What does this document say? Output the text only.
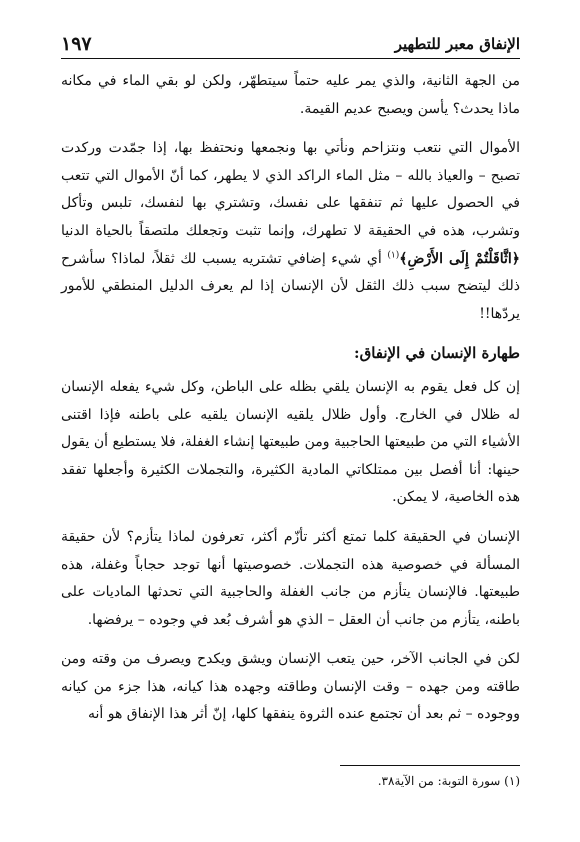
الإنفاق معبر للتطهير
١٩٧

من الجهة الثانية، والذي يمر عليه حتماً سيتطهّر، ولكن لو بقي الماء في مكانه ماذا يحدث؟ يأسن ويصبح عديم القيمة.

الأموال التي نتعب ونتزاحم ونأتي بها ونجمعها ونحتفظ بها، إذا جمّدت وركدت تصبح – والعياذ بالله – مثل الماء الراكد الذي لا يطهر، كما أنّ الأموال التي تتعب في الحصول عليها ثم تنفقها على نفسك، وتشتري بها لنفسك، تلبس وتأكل وتشرب، هذه في الحقيقة لا تطهرك، وإنما تثبت وتجعلك ملتصقاً بالحياة الدنيا ﴿اثَّاقَلْتُمْ إِلَى الأَرْضِ﴾$^{(١)}$ أي شيء إضافي تشتريه يسبب لك ثقلاً، لماذا؟ سأشرح ذلك ليتضح سبب ذلك الثقل لأن الإنسان إذا لم يعرف الدليل المنطقي للأمور يردّها!!

طهارة الإنسان في الإنفاق:

إن كل فعل يقوم به الإنسان يلقي بظله على الباطن، وكل شيء يفعله الإنسان له ظلال في الخارج. وأول ظلال يلقيه الإنسان يلقيه على باطنه فإذا اقتنى الأشياء التي من طبيعتها الحاجبية ومن طبيعتها إنشاء الغفلة، فلا يستطيع أن يقول حينها: أنا أفصل بين ممتلكاتي المادية الكثيرة، والتجملات الكثيرة وأجعلها تفقد هذه الخاصية، لا يمكن.

الإنسان في الحقيقة كلما تمتع أكثر تأزّم أكثر، تعرفون لماذا يتأزم؟ لأن حقيقة المسألة في خصوصية هذه التجملات. خصوصيتها أنها توجد حجاباً وغفلة، هذه طبيعتها. فالإنسان يتأزم من جانب الغفلة والحاجبية التي تحدثها الماديات على باطنه، يتأزم من جانب أن العقل – الذي هو أشرف بُعد في وجوده – يرفضها.

لكن في الجانب الآخر، حين يتعب الإنسان ويشق ويكدح ويصرف من وقته ومن طاقته ومن جهده – وقت الإنسان وطاقته وجهده هذا كيانه، هذا جزء من كيانه ووجوده – ثم بعد أن تجتمع عنده الثروة ينفقها كلها، إنّ أثر هذا الإنفاق هو أنه

(١) سورة التوبة: من الآية٣٨.
